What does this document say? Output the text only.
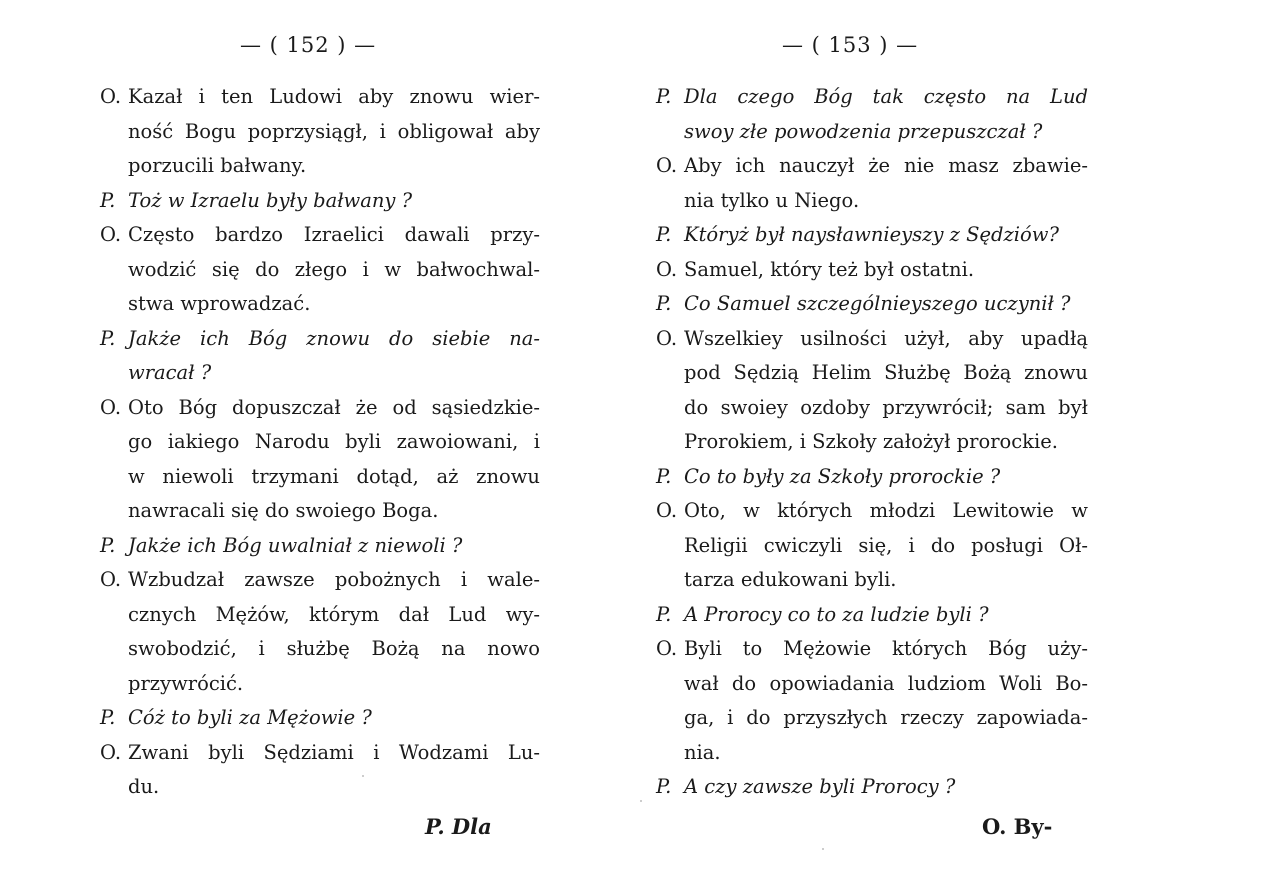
— ( 152 ) —
O. Kazał i ten Ludowi aby znowu wier-
ność Bogu poprzysiągł, i obligował aby
porzucili bałwany.
P. Toż w Izraelu były bałwany ?
O. Często bardzo Izraelici dawali przy-
wodzić się do złego i w bałwochwal-
stwa wprowadzać.
P. Jakże ich Bóg znowu do siebie na-
wracał ?
O. Oto Bóg dopuszczał że od sąsiedzkie-
go iakiego Narodu byli zawoiowani, i
w niewoli trzymani dotąd, aż znowu
nawracali się do swoiego Boga.
P. Jakże ich Bóg uwalniał z niewoli ?
O. Wzbudzał zawsze pobożnych i wale-
cznych Mężów, którym dał Lud wy-
swobodzić, i służbę Bożą na nowo
przywrócić.
P. Cóż to byli za Mężowie ?
O. Zwani byli Sędziami i Wodzami Lu-
du.
P. Dla
— ( 153 ) —
P. Dla czego Bóg tak często na Lud
swoy złe powodzenia przepuszczał ?
O. Aby ich nauczył że nie masz zbawie-
nia tylko u Niego.
P. Któryż był naysławnieyszy z Sędziów?
O. Samuel, który też był ostatni.
P. Co Samuel szczególnieyszego uczynił ?
O. Wszelkiey usilności użył, aby upadłą
pod Sędzią Helim Służbę Bożą znowu
do swoiey ozdoby przywrócił; sam był
Prorokiem, i Szkoły założył prorockie.
P. Co to były za Szkoły prorockie ?
O. Oto, w których młodzi Lewitowie w
Religii cwiczyli się, i do posługi Oł-
tarza edukowani byli.
P. A Prorocy co to za ludzie byli ?
O. Byli to Mężowie których Bóg uży-
wał do opowiadania ludziom Woli Bo-
ga, i do przyszłych rzeczy zapowiada-
nia.
P. A czy zawsze byli Prorocy ?
O. By-
